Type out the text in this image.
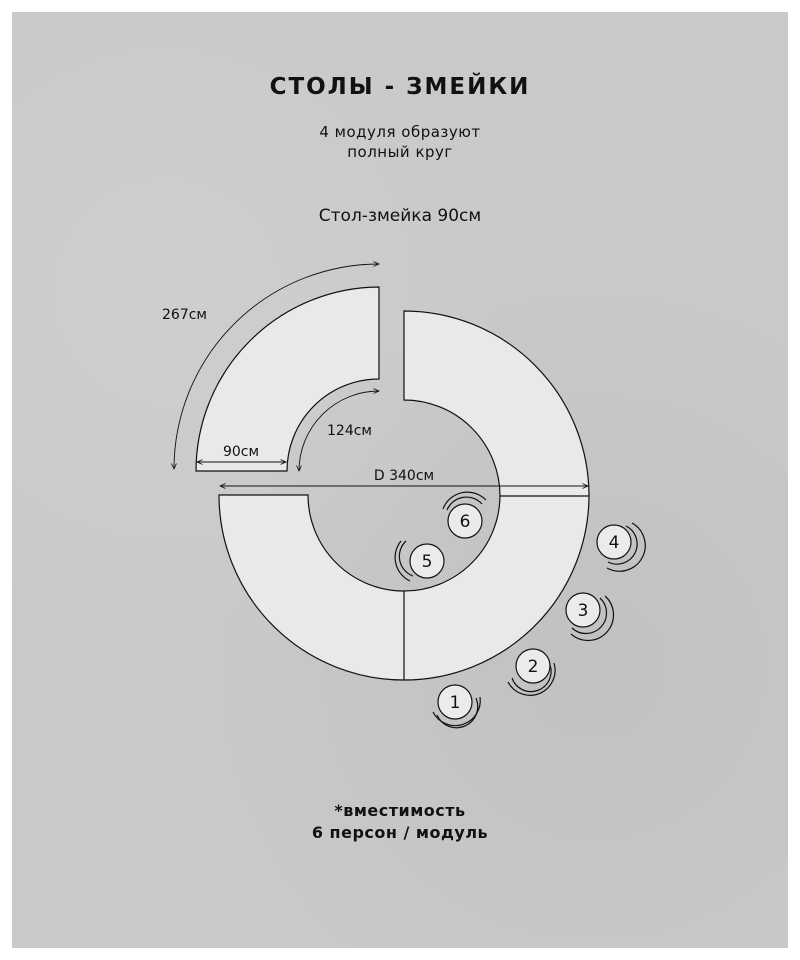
СТОЛЫ - ЗМЕЙКИ

4 модуля образуют
полный круг

Стол-змейка 90см

267см
90см
124см
D 340см
1
2
3
4
5
6

*вместимость
6 персон / модуль
